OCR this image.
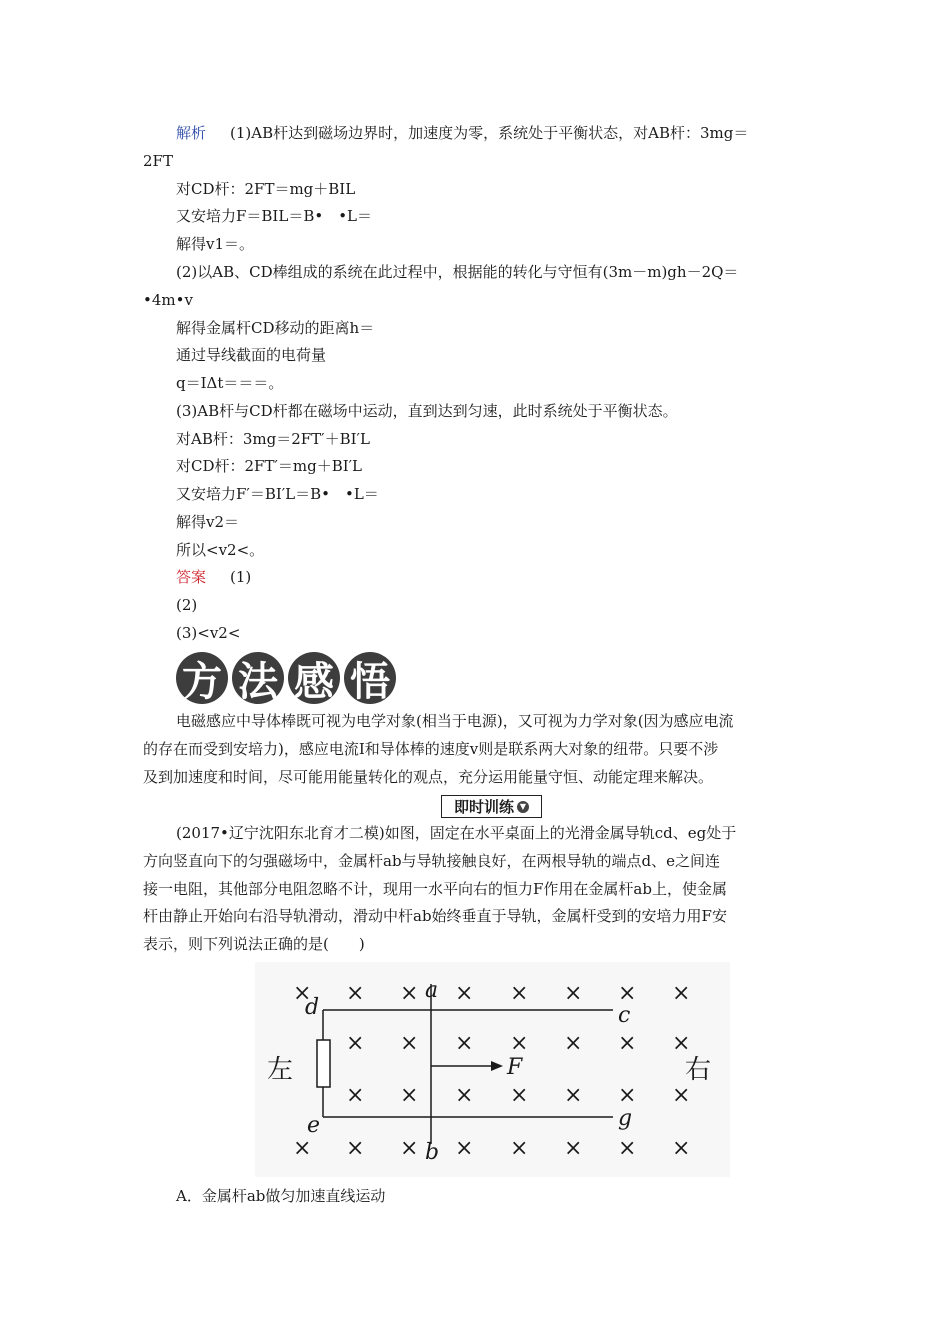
解析 (1)AB杆达到磁场边界时，加速度为零，系统处于平衡状态，对AB杆：3mg＝
2FT
对CD杆：2FT＝mg＋BIL
又安培力F＝BIL＝B•　•L＝
解得v1＝。
(2)以AB、CD棒组成的系统在此过程中，根据能的转化与守恒有(3m－m)gh－2Q＝
•4m•v
解得金属杆CD移动的距离h＝
通过导线截面的电荷量
q＝IΔt＝＝＝。
(3)AB杆与CD杆都在磁场中运动，直到达到匀速，此时系统处于平衡状态。
对AB杆：3mg＝2FT′＋BI′L
对CD杆：2FT′＝mg＋BI′L
又安培力F′＝BI′L＝B•　•L＝
解得v2＝
所以<v2<。
答案 (1)
(2)
(3)<v2<
方 法 感 悟
电磁感应中导体棒既可视为电学对象(相当于电源)，又可视为力学对象(因为感应电流
的存在而受到安培力)，感应电流I和导体棒的速度v则是联系两大对象的纽带。只要不涉
及到加速度和时间，尽可能用能量转化的观点，充分运用能量守恒、动能定理来解决。
即时训练 ▼
(2017•辽宁沈阳东北育才二模)如图，固定在水平桌面上的光滑金属导轨cd、eg处于
方向竖直向下的匀强磁场中，金属杆ab与导轨接触良好，在两根导轨的端点d、e之间连
接一电阻，其他部分电阻忽略不计，现用一水平向右的恒力F作用在金属杆ab上，使金属
杆由静止开始向右沿导轨滑动，滑动中杆ab始终垂直于导轨，金属杆受到的安培力用F安
表示，则下列说法正确的是(　　)
× × × × × × × ×
× × × × × × ×
× × × × × × ×
× × × × × × × ×
a
b
c
d
e	g
F
左	右
A．金属杆ab做匀加速直线运动
